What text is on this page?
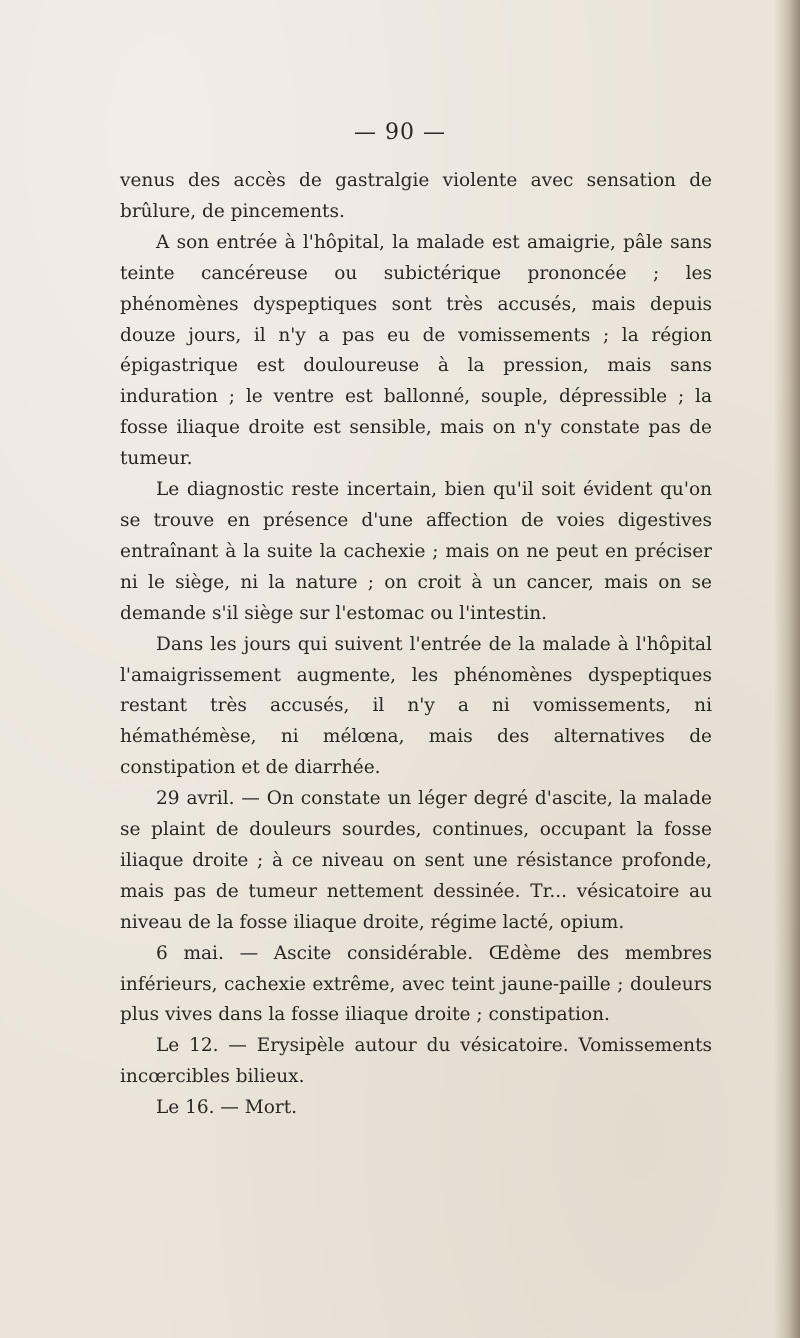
— 90 —

venus des accès de gastralgie violente avec sensation de brûlure, de pincements.

A son entrée à l'hôpital, la malade est amaigrie, pâle sans teinte cancéreuse ou subictérique prononcée ; les phénomènes dyspeptiques sont très accusés, mais depuis douze jours, il n'y a pas eu de vomissements ; la région épigastrique est douloureuse à la pression, mais sans induration ; le ventre est ballonné, souple, dépressible ; la fosse iliaque droite est sensible, mais on n'y constate pas de tumeur.

Le diagnostic reste incertain, bien qu'il soit évident qu'on se trouve en présence d'une affection de voies digestives entraînant à la suite la cachexie ; mais on ne peut en préciser ni le siège, ni la nature ; on croit à un cancer, mais on se demande s'il siège sur l'estomac ou l'intestin.

Dans les jours qui suivent l'entrée de la malade à l'hôpital l'amaigrissement augmente, les phénomènes dyspeptiques restant très accusés, il n'y a ni vomissements, ni hémathémèse, ni mélœna, mais des alternatives de constipation et de diarrhée.

29 avril. — On constate un léger degré d'ascite, la malade se plaint de douleurs sourdes, continues, occupant la fosse iliaque droite ; à ce niveau on sent une résistance profonde, mais pas de tumeur nettement dessinée. Tr... vésicatoire au niveau de la fosse iliaque droite, régime lacté, opium.

6 mai. — Ascite considérable. Œdème des membres inférieurs, cachexie extrême, avec teint jaune-paille ; douleurs plus vives dans la fosse iliaque droite ; constipation.

Le 12. — Erysipèle autour du vésicatoire. Vomissements incœrcibles bilieux.

Le 16. — Mort.
